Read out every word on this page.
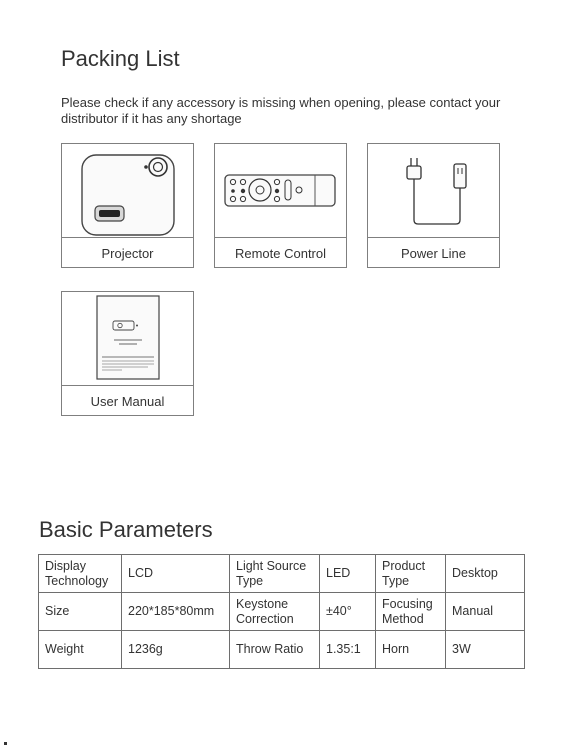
Packing List
Please check if any accessory is missing when opening, please contact your distributor if it has any shortage
Projector	Remote Control	Power Line
User Manual
Basic Parameters
Display Technology	LCD	Light Source Type	LED	Product Type	Desktop
Size	220*185*80mm	Keystone Correction	±40°	Focusing Method	Manual
Weight	1236g	Throw Ratio	1.35:1	Horn	3W
